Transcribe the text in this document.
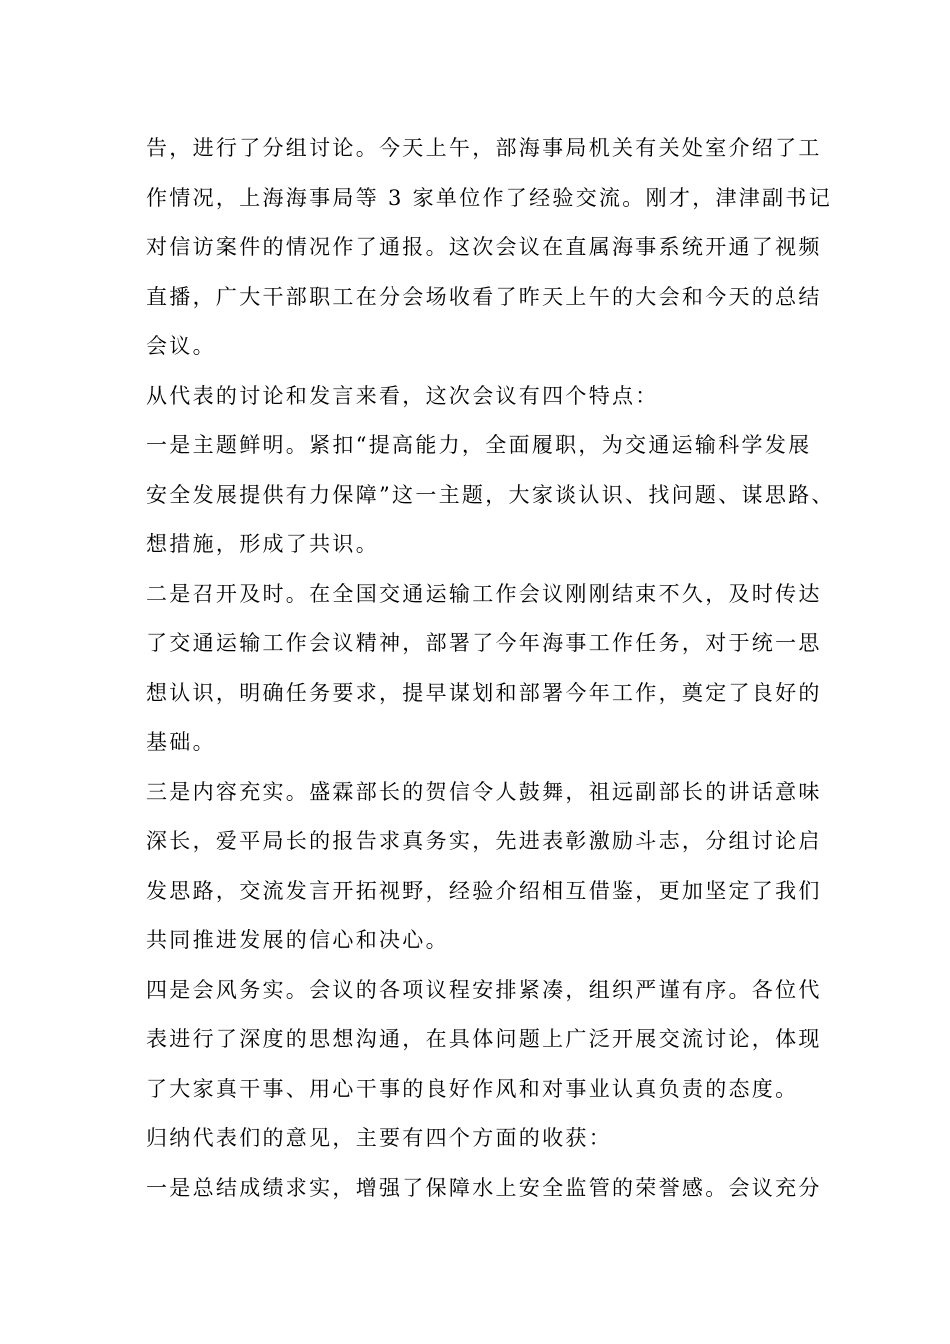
告，进行了分组讨论。今天上午，部海事局机关有关处室介绍了工
作情况，上海海事局等 3 家单位作了经验交流。刚才，津津副书记
对信访案件的情况作了通报。这次会议在直属海事系统开通了视频
直播，广大干部职工在分会场收看了昨天上午的大会和今天的总结
会议。
从代表的讨论和发言来看，这次会议有四个特点：
一是主题鲜明。紧扣“提高能力，全面履职，为交通运输科学发展
安全发展提供有力保障”这一主题，大家谈认识、找问题、谋思路、
想措施，形成了共识。
二是召开及时。在全国交通运输工作会议刚刚结束不久，及时传达
了交通运输工作会议精神，部署了今年海事工作任务，对于统一思
想认识，明确任务要求，提早谋划和部署今年工作，奠定了良好的
基础。
三是内容充实。盛霖部长的贺信令人鼓舞，祖远副部长的讲话意味
深长，爱平局长的报告求真务实，先进表彰激励斗志，分组讨论启
发思路，交流发言开拓视野，经验介绍相互借鉴，更加坚定了我们
共同推进发展的信心和决心。
四是会风务实。会议的各项议程安排紧凑，组织严谨有序。各位代
表进行了深度的思想沟通，在具体问题上广泛开展交流讨论，体现
了大家真干事、用心干事的良好作风和对事业认真负责的态度。
归纳代表们的意见，主要有四个方面的收获：
一是总结成绩求实，增强了保障水上安全监管的荣誉感。会议充分
